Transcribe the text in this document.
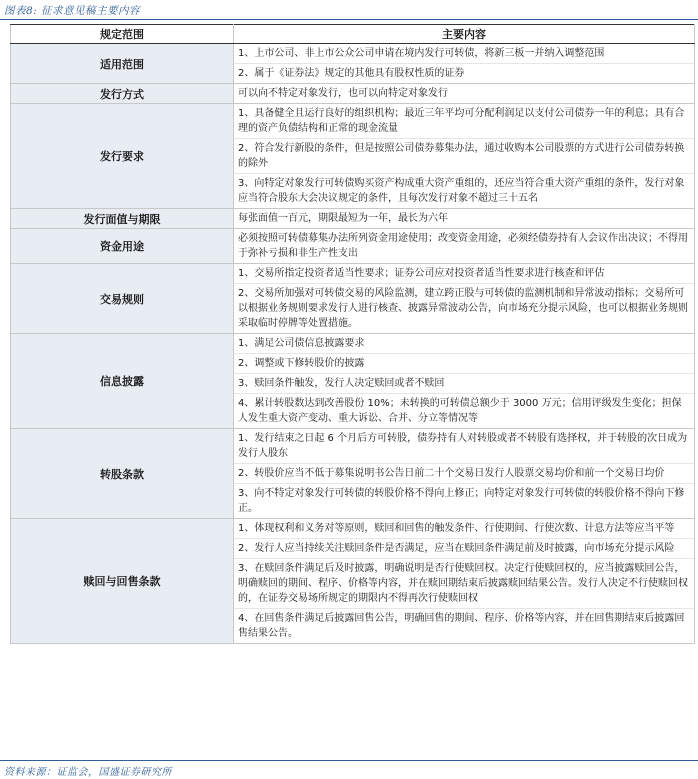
图表8: 征求意见稿主要内容
规定范围	主要内容
适用范围	1、上市公司、非上市公众公司申请在境内发行可转债，将新三板一并纳入调整范围
2、属于《证券法》规定的其他具有股权性质的证券

发行方式	可以向不特定对象发行，也可以向特定对象发行

发行要求	1、具备健全且运行良好的组织机构；最近三年平均可分配利润足以支付公司债券一年的利息；具有合理的资产负债结构和正常的现金流量
2、符合发行新股的条件，但是按照公司债券募集办法，通过收购本公司股票的方式进行公司债券转换的除外
3、向特定对象发行可转债购买资产构成重大资产重组的，还应当符合重大资产重组的条件，发行对象应当符合股东大会决议规定的条件，且每次发行对象不超过三十五名

发行面值与期限	每张面值一百元，期限最短为一年，最长为六年

资金用途	必须按照可转债募集办法所列资金用途使用；改变资金用途，必须经债券持有人会议作出决议；不得用于弥补亏损和非生产性支出

交易规则	1、交易所指定投资者适当性要求；证券公司应对投资者适当性要求进行核查和评估
2、交易所加强对可转债交易的风险监测，建立跨正股与可转债的监测机制和异常波动指标；交易所可以根据业务规则要求发行人进行核查、披露异常波动公告，向市场充分提示风险，也可以根据业务规则采取临时停牌等处置措施。

信息披露	1、满足公司债信息披露要求
2、调整或下修转股价的披露
3、赎回条件触发，发行人决定赎回或者不赎回
4、累计转股数达到改善股份 10%；未转换的可转债总额少于 3000 万元；信用评级发生变化；担保人发生重大资产变动、重大诉讼、合并、分立等情况等

转股条款	1、发行结束之日起 6 个月后方可转股，债券持有人对转股或者不转股有选择权，并于转股的次日成为发行人股东
2、转股价应当不低于募集说明书公告日前二十个交易日发行人股票交易均价和前一个交易日均价
3、向不特定对象发行可转债的转股价格不得向上修正；向特定对象发行可转债的转股价格不得向下修正。

赎回与回售条款	1、体现权利和义务对等原则，赎回和回售的触发条件、行使期间、行使次数、计息方法等应当平等
2、发行人应当持续关注赎回条件是否满足，应当在赎回条件满足前及时披露，向市场充分提示风险
3、在赎回条件满足后及时披露，明确说明是否行使赎回权。决定行使赎回权的，应当披露赎回公告，明确赎回的期间、程序、价格等内容，并在赎回期结束后披露赎回结果公告。发行人决定不行使赎回权的，在证券交易场所规定的期限内不得再次行使赎回权
4、在回售条件满足后披露回售公告，明确回售的期间、程序、价格等内容，并在回售期结束后披露回售结果公告。
资料来源：证监会，国盛证券研究所
